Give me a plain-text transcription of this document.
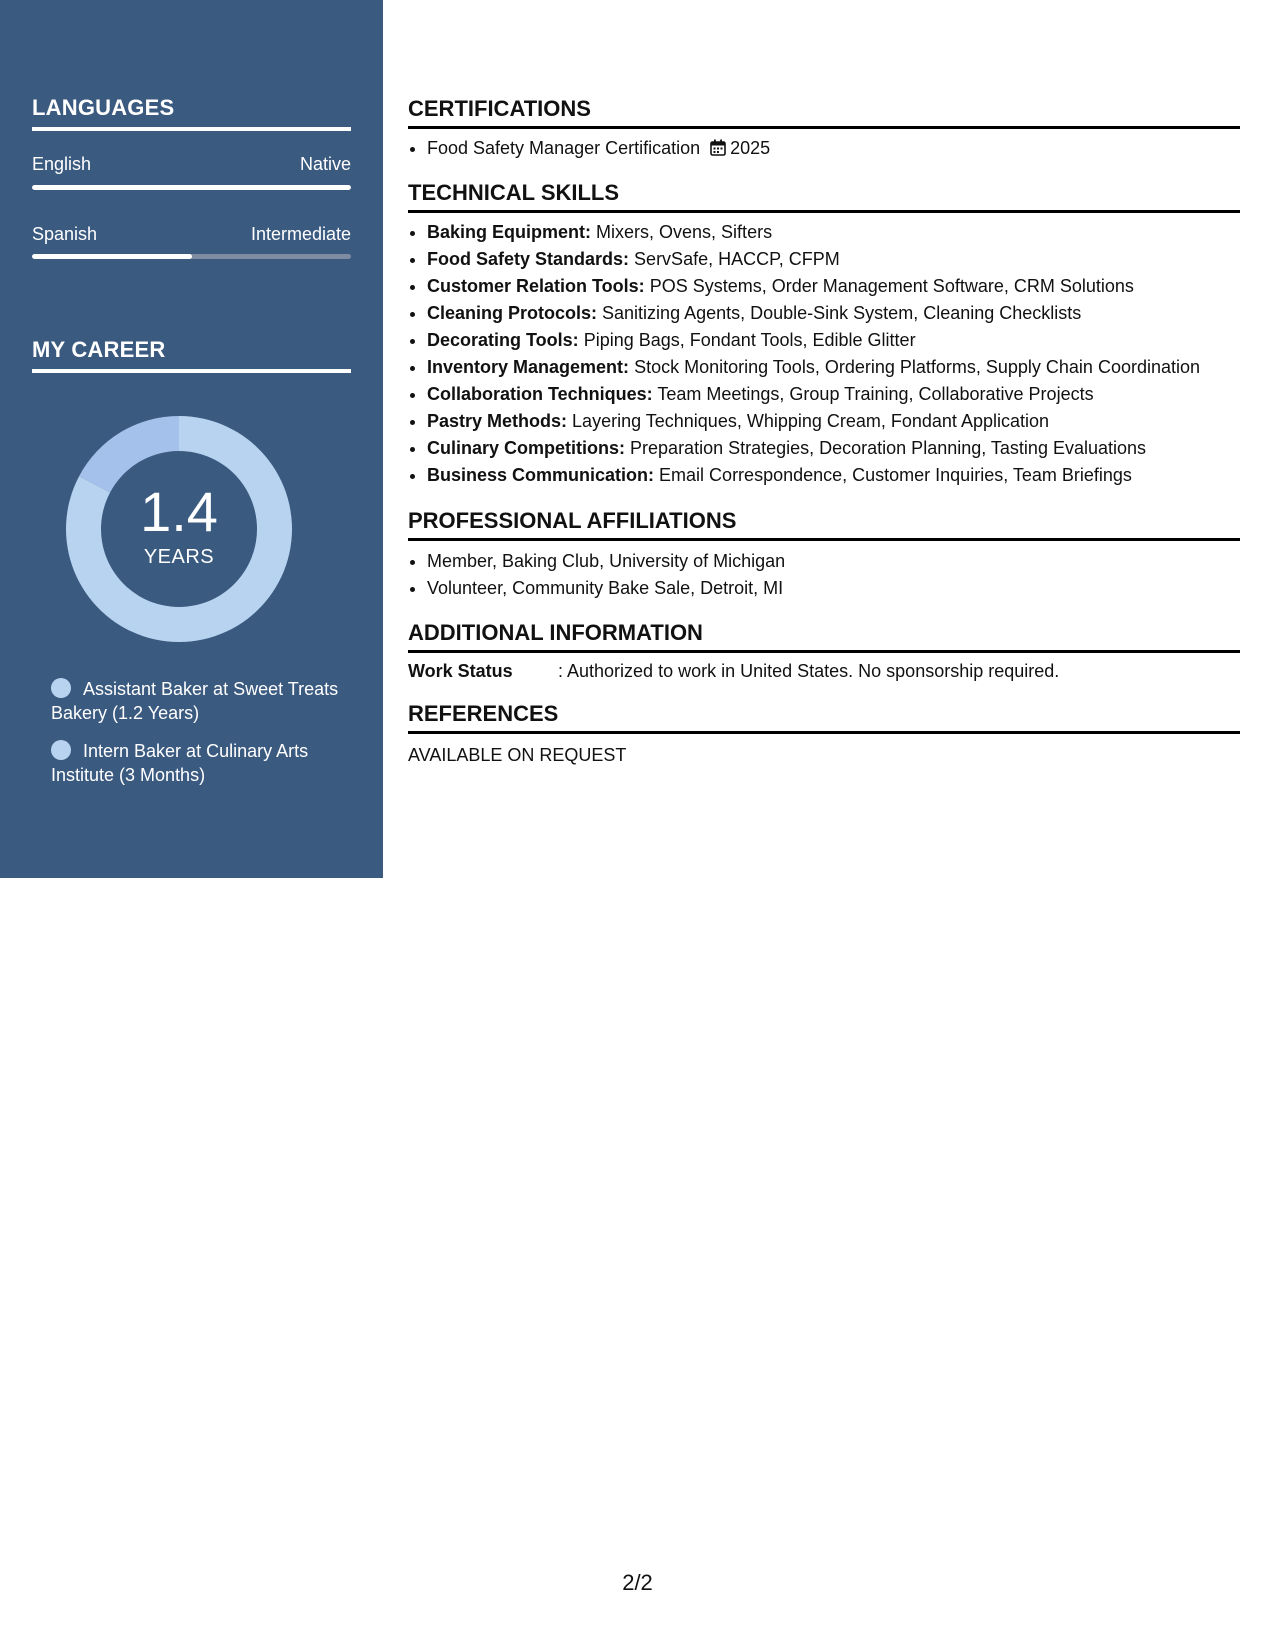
LANGUAGES
English	Native
Spanish	Intermediate
MY CAREER
1.4
YEARS
Assistant Baker at Sweet Treats Bakery (1.2 Years)
Intern Baker at Culinary Arts Institute (3 Months)
CERTIFICATIONS
• Food Safety Manager Certification 2025
TECHNICAL SKILLS
• Baking Equipment: Mixers, Ovens, Sifters
• Food Safety Standards: ServSafe, HACCP, CFPM
• Customer Relation Tools: POS Systems, Order Management Software, CRM Solutions
• Cleaning Protocols: Sanitizing Agents, Double-Sink System, Cleaning Checklists
• Decorating Tools: Piping Bags, Fondant Tools, Edible Glitter
• Inventory Management: Stock Monitoring Tools, Ordering Platforms, Supply Chain Coordination
• Collaboration Techniques: Team Meetings, Group Training, Collaborative Projects
• Pastry Methods: Layering Techniques, Whipping Cream, Fondant Application
• Culinary Competitions: Preparation Strategies, Decoration Planning, Tasting Evaluations
• Business Communication: Email Correspondence, Customer Inquiries, Team Briefings
PROFESSIONAL AFFILIATIONS
• Member, Baking Club, University of Michigan
• Volunteer, Community Bake Sale, Detroit, MI
ADDITIONAL INFORMATION
Work Status	: Authorized to work in United States. No sponsorship required.
REFERENCES
AVAILABLE ON REQUEST
2/2
